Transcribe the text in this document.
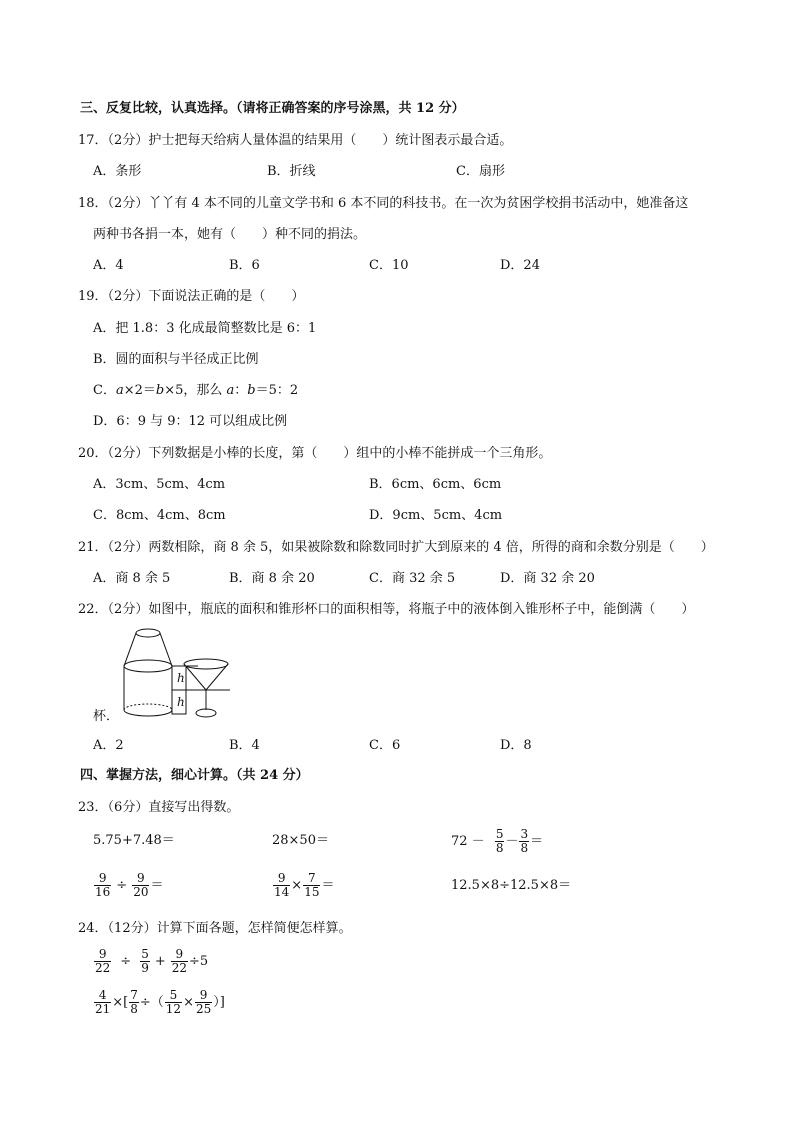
三、反复比较，认真选择。（请将正确答案的序号涂黑，共 12 分）
17．（2分）护士把每天给病人量体温的结果用（　　）统计图表示最合适。
A．条形	B．折线	C．扇形
18．（2分）丫丫有 4 本不同的儿童文学书和 6 本不同的科技书。在一次为贫困学校捐书活动中，她准备这
两种书各捐一本，她有（　　）种不同的捐法。
A．4	B．6	C．10	D．24
19．（2分）下面说法正确的是（　　）
A．把 1.8：3 化成最简整数比是 6：1
B．圆的面积与半径成正比例
C．a×2＝b×5，那么 a：b＝5：2
D．6：9 与 9：12 可以组成比例
20．（2分）下列数据是小棒的长度，第（　　）组中的小棒不能拼成一个三角形。
A．3cm、5cm、4cm	B．6cm、6cm、6cm
C．8cm、4cm、8cm	D．9cm、5cm、4cm
21．（2分）两数相除，商 8 余 5，如果被除数和除数同时扩大到原来的 4 倍，所得的商和余数分别是（　　）
A．商 8 余 5	B．商 8 余 20	C．商 32 余 5	D．商 32 余 20
22．（2分）如图中，瓶底的面积和锥形杯口的面积相等，将瓶子中的液体倒入锥形杯子中，能倒满（　　）
h
h
杯．
A．2	B．4	C．6	D．8
四、掌握方法，细心计算。（共 24 分）
23．（6分）直接写出得数。
5.75+7.48＝	28×50＝	$72 - \frac{5}{8} - \frac{3}{8}$ ＝
$\frac{9}{16} \div \frac{9}{20}$ ＝	$\frac{9}{14} \times \frac{7}{15}$ ＝	12.5×8÷12.5×8＝
24．（12分）计算下面各题，怎样简便怎样算。
$\frac{9}{22} \div \frac{5}{9} + \frac{9}{22} \div 5$
$\frac{4}{21}$ ×[ $\frac{7}{8}$ ÷（ $\frac{5}{12} \times \frac{9}{25}$ ）]
